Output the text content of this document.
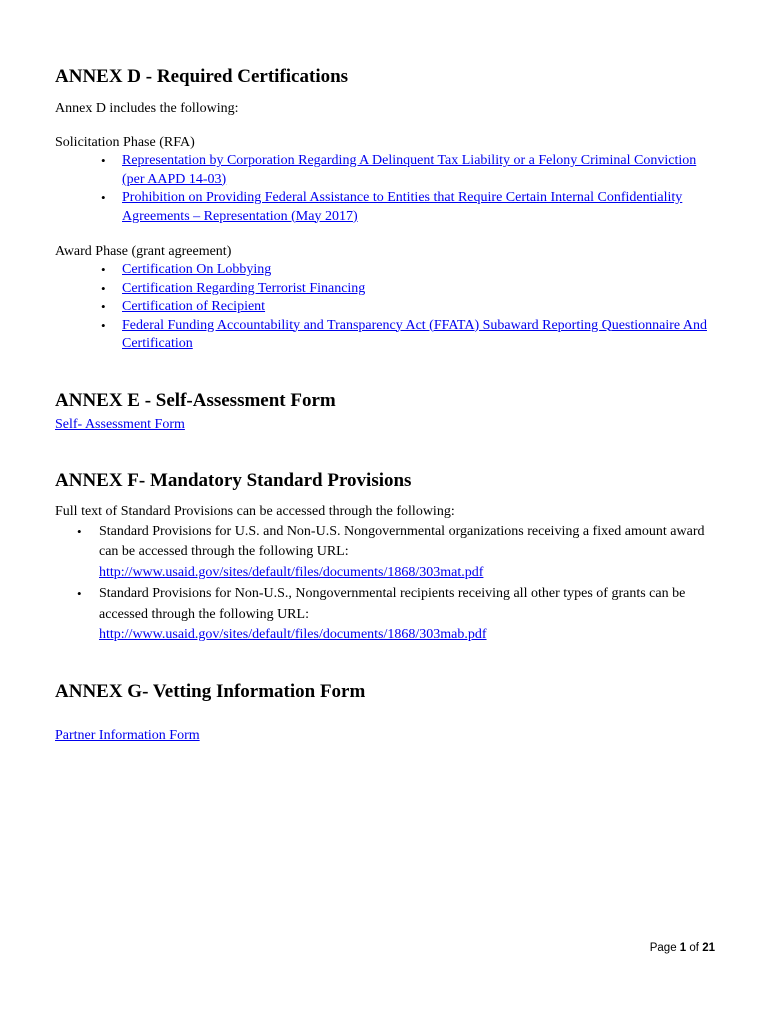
ANNEX D - Required Certifications

Annex D includes the following:

Solicitation Phase (RFA)

• Representation by Corporation Regarding A Delinquent Tax Liability or a Felony Criminal Conviction (per AAPD 14-03)
• Prohibition on Providing Federal Assistance to Entities that Require Certain Internal Confidentiality Agreements – Representation (May 2017)

Award Phase (grant agreement)

• Certification On Lobbying
• Certification Regarding Terrorist Financing
• Certification of Recipient
• Federal Funding Accountability and Transparency Act (FFATA) Subaward Reporting Questionnaire And Certification
ANNEX E - Self-Assessment Form

Self- Assessment Form

ANNEX F- Mandatory Standard Provisions

Full text of Standard Provisions can be accessed through the following:

• Standard Provisions for U.S. and Non-U.S. Nongovernmental organizations receiving a fixed amount award can be accessed through the following URL:
http://www.usaid.gov/sites/default/files/documents/1868/303mat.pdf
• Standard Provisions for Non-U.S., Nongovernmental recipients receiving all other types of grants can be accessed through the following URL:
http://www.usaid.gov/sites/default/files/documents/1868/303mab.pdf
ANNEX G- Vetting Information Form

Partner Information Form

Page 1 of 21
